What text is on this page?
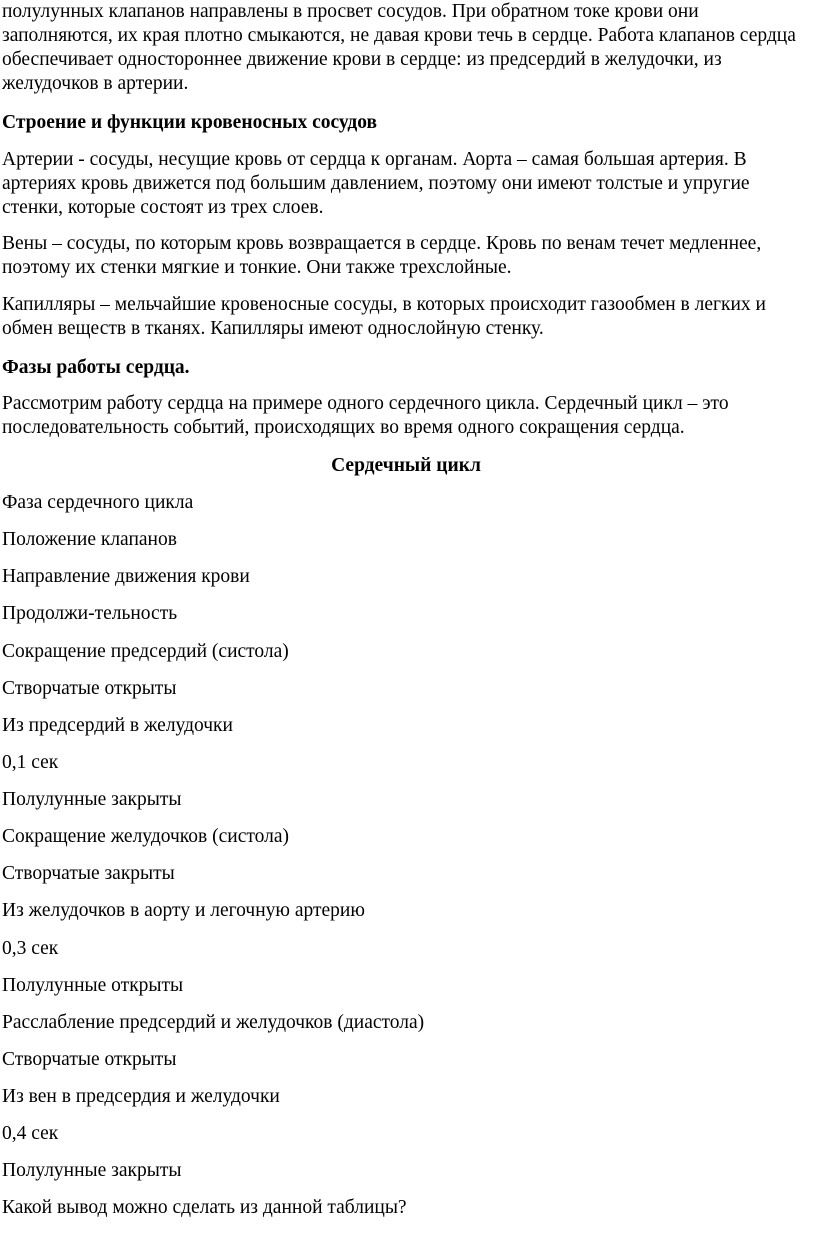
полулунных клапанов направлены в просвет сосудов. При обратном токе крови они заполняются, их края плотно смыкаются, не давая крови течь в сердце. Работа клапанов сердца обеспечивает одностороннее движение крови в сердце: из предсердий в желудочки, из желудочков в артерии.

Строение и функции кровеносных сосудов

Артерии - сосуды, несущие кровь от сердца к органам. Аорта – самая большая артерия. В артериях кровь движется под большим давлением, поэтому они имеют толстые и упругие стенки, которые состоят из трех слоев.

Вены – сосуды, по которым кровь возвращается в сердце. Кровь по венам течет медленнее, поэтому их стенки мягкие и тонкие. Они также трехслойные.

Капилляры – мельчайшие кровеносные сосуды, в которых происходит газообмен в легких и обмен веществ в тканях. Капилляры имеют однослойную стенку.

Фазы работы сердца.

Рассмотрим работу сердца на примере одного сердечного цикла. Сердечный цикл – это последовательность событий, происходящих во время одного сокращения сердца.

Сердечный цикл

Фаза сердечного цикла

Положение клапанов

Направление движения крови

Продолжи-тельность

Сокращение предсердий (систола)

Створчатые открыты

Из предсердий в желудочки

0,1 сек

Полулунные закрыты

Сокращение желудочков (систола)

Створчатые закрыты

Из желудочков в аорту и легочную артерию

0,3 сек

Полулунные открыты

Расслабление предсердий и желудочков (диастола)

Створчатые открыты

Из вен в предсердия и желудочки

0,4 сек

Полулунные закрыты

Какой вывод можно сделать из данной таблицы?
